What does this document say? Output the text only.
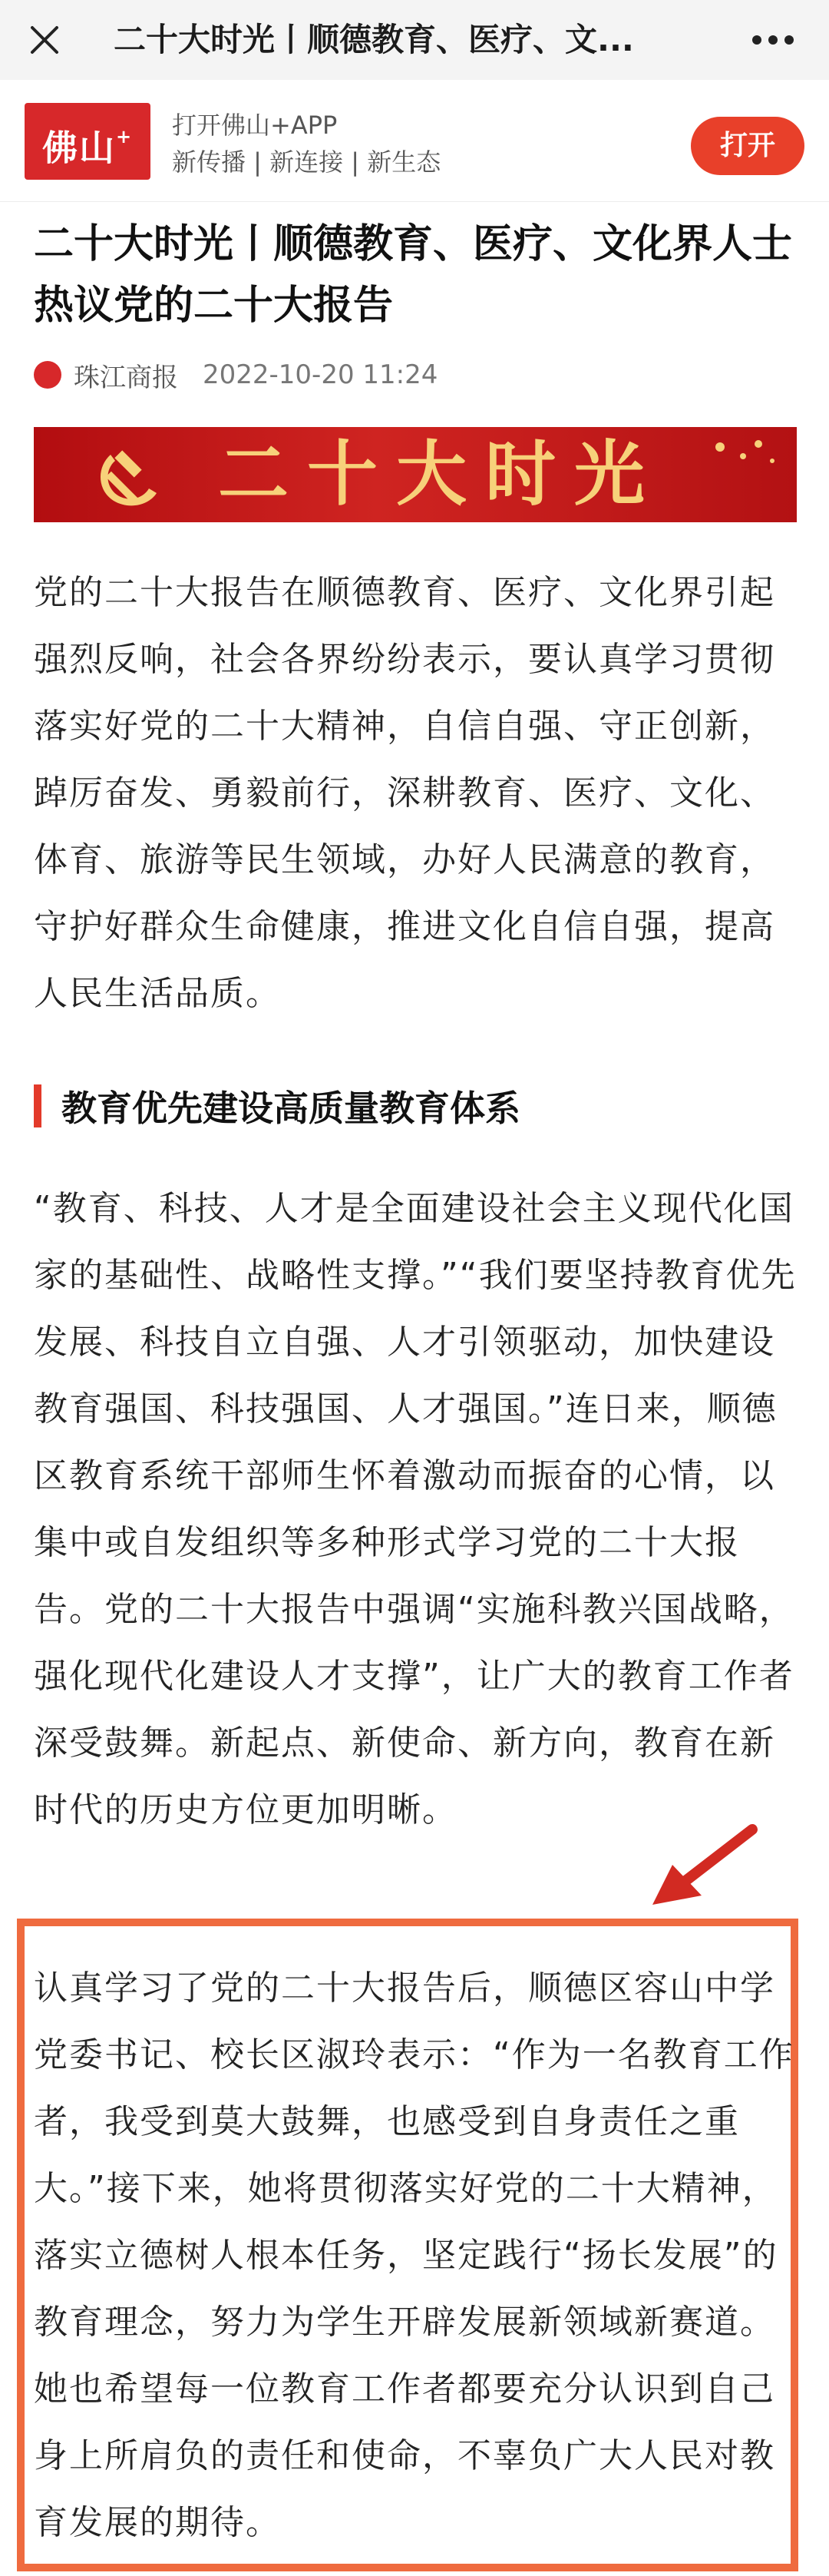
二十大时光丨顺德教育、医疗、文...
佛山+	打开佛山+APP
新传播 | 新连接 | 新生态
打开
二十大时光丨顺德教育、医疗、文化界人士热议党的二十大报告
珠江商报 2022-10-20 11:24
二十大时光
党的二十大报告在顺德教育、医疗、文化界引起强烈反响，社会各界纷纷表示，要认真学习贯彻落实好党的二十大精神，自信自强、守正创新，踔厉奋发、勇毅前行，深耕教育、医疗、文化、体育、旅游等民生领域，办好人民满意的教育，守护好群众生命健康，推进文化自信自强，提高人民生活品质。
教育优先建设高质量教育体系
“教育、科技、人才是全面建设社会主义现代化国家的基础性、战略性支撑。”“我们要坚持教育优先发展、科技自立自强、人才引领驱动，加快建设教育强国、科技强国、人才强国。”连日来，顺德区教育系统干部师生怀着激动而振奋的心情，以集中或自发组织等多种形式学习党的二十大报告。党的二十大报告中强调“实施科教兴国战略，强化现代化建设人才支撑”，让广大的教育工作者深受鼓舞。新起点、新使命、新方向，教育在新时代的历史方位更加明晰。
认真学习了党的二十大报告后，顺德区容山中学党委书记、校长区淑玲表示：“作为一名教育工作者，我受到莫大鼓舞，也感受到自身责任之重大。”接下来，她将贯彻落实好党的二十大精神，落实立德树人根本任务，坚定践行“扬长发展”的教育理念，努力为学生开辟发展新领域新赛道。她也希望每一位教育工作者都要充分认识到自己身上所肩负的责任和使命，不辜负广大人民对教育发展的期待。
